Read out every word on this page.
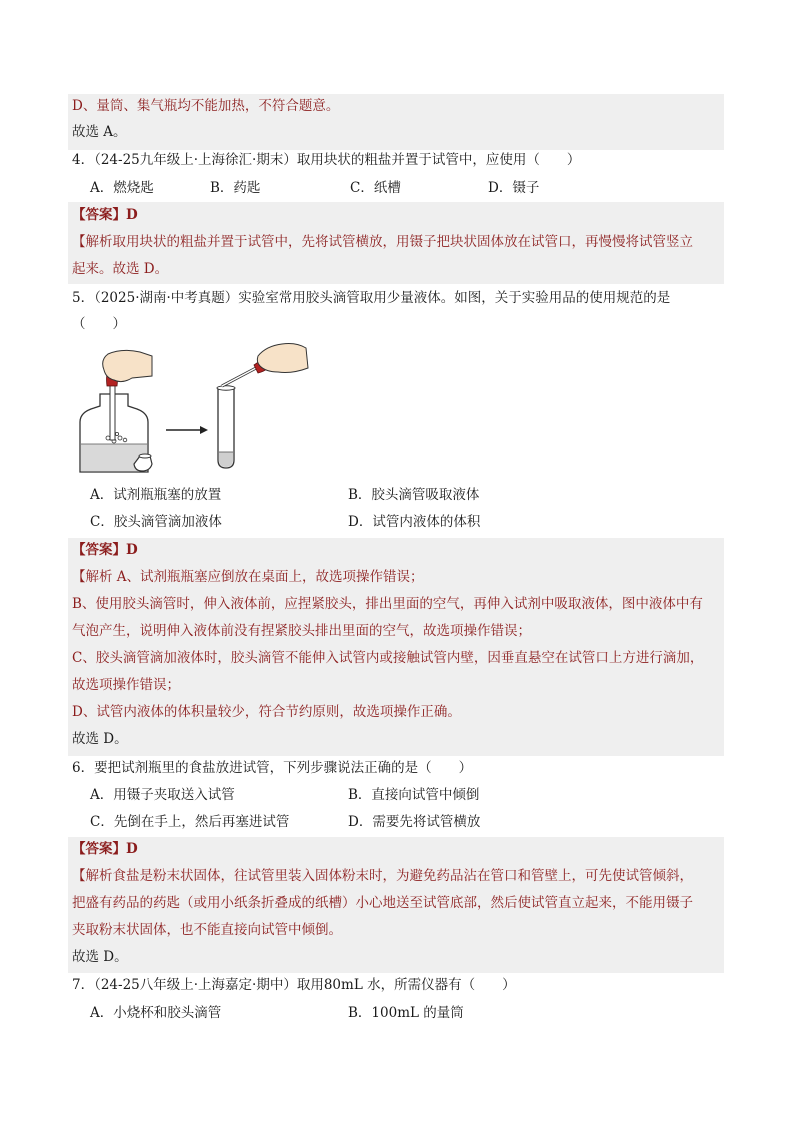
D、量筒、集气瓶均不能加热，不符合题意。
故选 A。
4．（24-25九年级上·上海徐汇·期末）取用块状的粗盐并置于试管中，应使用（　　）
A．燃烧匙	B．药匙	C．纸槽	D．镊子
【答案】D
【解析取用块状的粗盐并置于试管中，先将试管横放，用镊子把块状固体放在试管口，再慢慢将试管竖立
起来。故选 D。
5．（2025·湖南·中考真题）实验室常用胶头滴管取用少量液体。如图，关于实验用品的使用规范的是
（　　）
A．试剂瓶瓶塞的放置	B．胶头滴管吸取液体
C．胶头滴管滴加液体	D．试管内液体的体积
【答案】D
【解析 A、试剂瓶瓶塞应倒放在桌面上，故选项操作错误；
B、使用胶头滴管时，伸入液体前，应捏紧胶头，排出里面的空气，再伸入试剂中吸取液体，图中液体中有
气泡产生，说明伸入液体前没有捏紧胶头排出里面的空气，故选项操作错误；
C、胶头滴管滴加液体时，胶头滴管不能伸入试管内或接触试管内壁，因垂直悬空在试管口上方进行滴加，
故选项操作错误；
D、试管内液体的体积量较少，符合节约原则，故选项操作正确。
故选 D。
6．要把试剂瓶里的食盐放进试管，下列步骤说法正确的是（　　）
A．用镊子夹取送入试管	B．直接向试管中倾倒
C．先倒在手上，然后再塞进试管	D．需要先将试管横放
【答案】D
【解析食盐是粉末状固体，往试管里装入固体粉末时，为避免药品沾在管口和管壁上，可先使试管倾斜，
把盛有药品的药匙（或用小纸条折叠成的纸槽）小心地送至试管底部，然后使试管直立起来，不能用镊子
夹取粉末状固体，也不能直接向试管中倾倒。
故选 D。
7．（24-25八年级上·上海嘉定·期中）取用80mL 水，所需仪器有（　　）
A．小烧杯和胶头滴管	B．100mL 的量筒
